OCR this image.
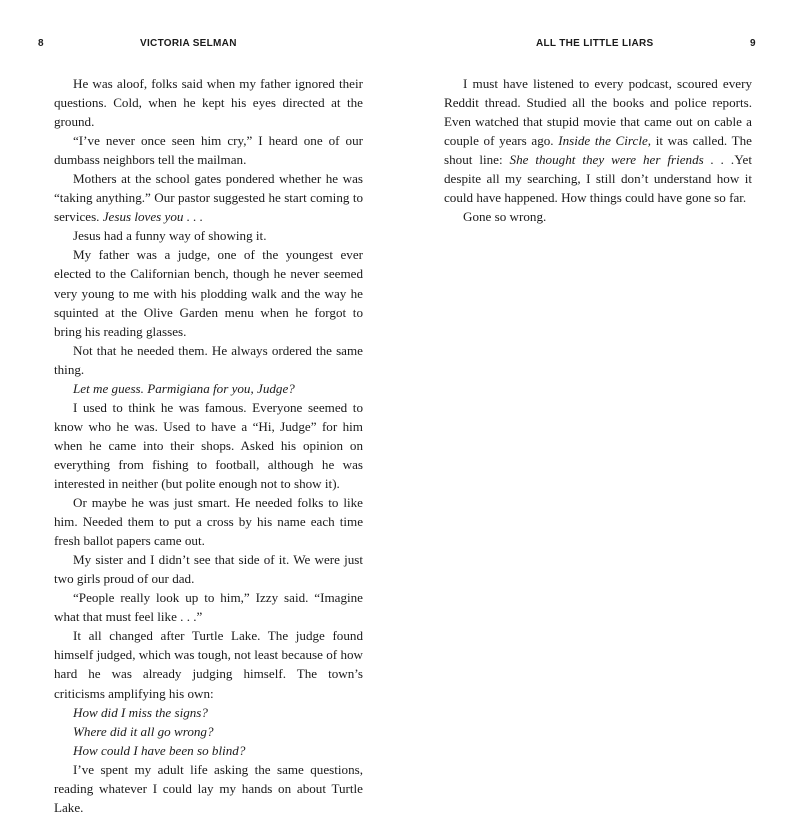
8	VICTORIA SELMAN

He was aloof, folks said when my father ignored their questions. Cold, when he kept his eyes directed at the ground.

“I’ve never once seen him cry,” I heard one of our dumbass neighbors tell the mailman.

Mothers at the school gates pondered whether he was “taking anything.” Our pastor suggested he start coming to services. Jesus loves you . . .

Jesus had a funny way of showing it.

My father was a judge, one of the youngest ever elected to the Californian bench, though he never seemed very young to me with his plodding walk and the way he squinted at the Olive Garden menu when he forgot to bring his reading glasses.

Not that he needed them. He always ordered the same thing.

Let me guess. Parmigiana for you, Judge?

I used to think he was famous. Everyone seemed to know who he was. Used to have a “Hi, Judge” for him when he came into their shops. Asked his opinion on everything from fishing to football, although he was interested in neither (but polite enough not to show it).

Or maybe he was just smart. He needed folks to like him. Needed them to put a cross by his name each time fresh ballot papers came out.

My sister and I didn’t see that side of it. We were just two girls proud of our dad.

“People really look up to him,” Izzy said. “Imagine what that must feel like . . .”

It all changed after Turtle Lake. The judge found himself judged, which was tough, not least because of how hard he was already judging himself. The town’s criticisms amplifying his own:

How did I miss the signs?

Where did it all go wrong?

How could I have been so blind?

I’ve spent my adult life asking the same questions, reading whatever I could lay my hands on about Turtle Lake.

ALL THE LITTLE LIARS	9

I must have listened to every podcast, scoured every Reddit thread. Studied all the books and police reports. Even watched that stupid movie that came out on cable a couple of years ago. Inside the Circle, it was called. The shout line: She thought they were her friends . . .Yet despite all my searching, I still don’t understand how it could have happened. How things could have gone so far.

Gone so wrong.
